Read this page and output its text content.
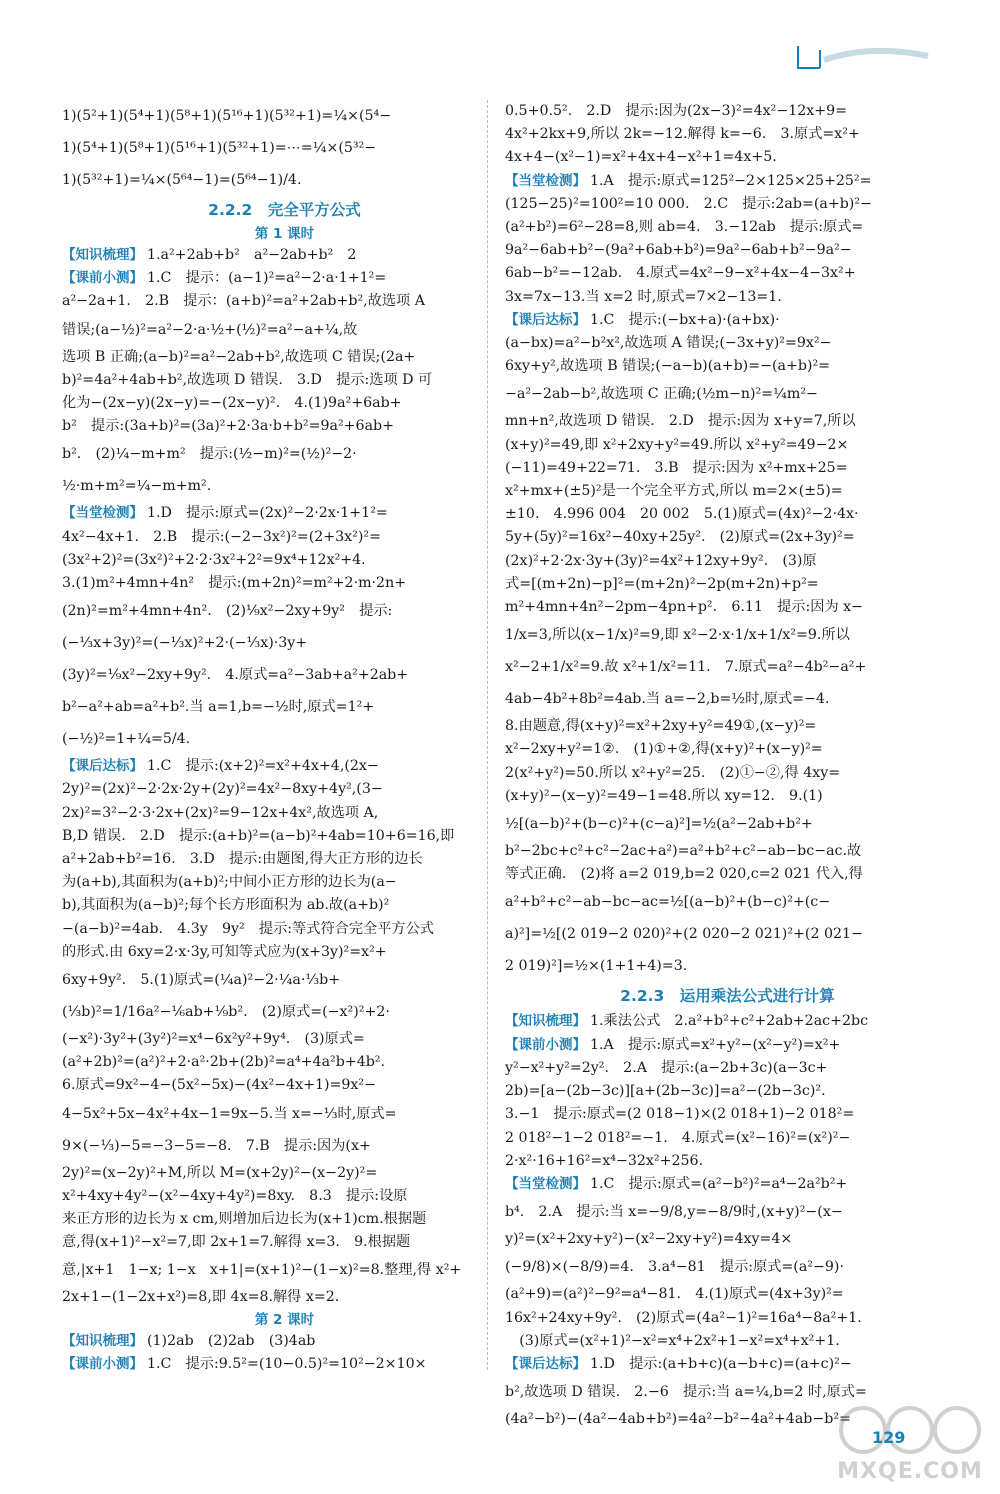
1)(5²+1)(5⁴+1)(5⁸+1)(5¹⁶+1)(5³²+1)=¼×(5⁴−
1)(5⁴+1)(5⁸+1)(5¹⁶+1)(5³²+1)=⋯=¼×(5³²−
1)(5³²+1)=¼×(5⁶⁴−1)=(5⁶⁴−1)/4.
2.2.2　完全平方公式
第 1 课时
【知识梳理】 1.a²+2ab+b²　a²−2ab+b²　2
【课前小测】 1.C　提示：(a−1)²=a²−2·a·1+1²=
a²−2a+1.　2.B　提示：(a+b)²=a²+2ab+b²,故选项 A
错误;(a−½)²=a²−2·a·½+(½)²=a²−a+¼,故
选项 B 正确;(a−b)²=a²−2ab+b²,故选项 C 错误;(2a+
b)²=4a²+4ab+b²,故选项 D 错误.　3.D　提示:选项 D 可
化为−(2x−y)(2x−y)=−(2x−y)².　4.(1)9a²+6ab+
b²　提示:(3a+b)²=(3a)²+2·3a·b+b²=9a²+6ab+
b².　(2)¼−m+m²　提示:(½−m)²=(½)²−2·
½·m+m²=¼−m+m².
【当堂检测】 1.D　提示:原式=(2x)²−2·2x·1+1²=
4x²−4x+1.　2.B　提示:(−2−3x²)²=(2+3x²)²=
(3x²+2)²=(3x²)²+2·2·3x²+2²=9x⁴+12x²+4.
3.(1)m²+4mn+4n²　提示:(m+2n)²=m²+2·m·2n+
(2n)²=m²+4mn+4n².　(2)⅑x²−2xy+9y²　提示:
(−⅓x+3y)²=(−⅓x)²+2·(−⅓x)·3y+
(3y)²=⅑x²−2xy+9y².　4.原式=a²−3ab+a²+2ab+
b²−a²+ab=a²+b².当 a=1,b=−½时,原式=1²+
(−½)²=1+¼=5/4.
【课后达标】 1.C　提示:(x+2)²=x²+4x+4,(2x−
2y)²=(2x)²−2·2x·2y+(2y)²=4x²−8xy+4y²,(3−
2x)²=3²−2·3·2x+(2x)²=9−12x+4x²,故选项 A,
B,D 错误.　2.D　提示:(a+b)²=(a−b)²+4ab=10+6=16,即
a²+2ab+b²=16.　3.D　提示:由题图,得大正方形的边长
为(a+b),其面积为(a+b)²;中间小正方形的边长为(a−
b),其面积为(a−b)²;每个长方形面积为 ab.故(a+b)²
−(a−b)²=4ab.　4.3y　9y²　提示:等式符合完全平方公式
的形式.由 6xy=2·x·3y,可知等式应为(x+3y)²=x²+
6xy+9y².　5.(1)原式=(¼a)²−2·¼a·⅓b+
(⅓b)²=1/16a²−⅙ab+⅑b².　(2)原式=(−x²)²+2·
(−x²)·3y²+(3y²)²=x⁴−6x²y²+9y⁴.　(3)原式=
(a²+2b)²=(a²)²+2·a²·2b+(2b)²=a⁴+4a²b+4b².
6.原式=9x²−4−(5x²−5x)−(4x²−4x+1)=9x²−
4−5x²+5x−4x²+4x−1=9x−5.当 x=−⅓时,原式=
9×(−⅓)−5=−3−5=−8.　7.B　提示:因为(x+
2y)²=(x−2y)²+M,所以 M=(x+2y)²−(x−2y)²=
x²+4xy+4y²−(x²−4xy+4y²)=8xy.　8.3　提示:设原
来正方形的边长为 x cm,则增加后边长为(x+1)cm.根据题
意,得(x+1)²−x²=7,即 2x+1=7.解得 x=3.　9.根据题
意,|x+1　1−x; 1−x　x+1|=(x+1)²−(1−x)²=8.整理,得 x²+
2x+1−(1−2x+x²)=8,即 4x=8.解得 x=2.
第 2 课时
【知识梳理】 (1)2ab　(2)2ab　(3)4ab
【课前小测】 1.C　提示:9.5²=(10−0.5)²=10²−2×10×
0.5+0.5².　2.D　提示:因为(2x−3)²=4x²−12x+9=
4x²+2kx+9,所以 2k=−12.解得 k=−6.　3.原式=x²+
4x+4−(x²−1)=x²+4x+4−x²+1=4x+5.
【当堂检测】 1.A　提示:原式=125²−2×125×25+25²=
(125−25)²=100²=10 000.　2.C　提示:2ab=(a+b)²−
(a²+b²)=6²−28=8,则 ab=4.　3.−12ab　提示:原式=
9a²−6ab+b²−(9a²+6ab+b²)=9a²−6ab+b²−9a²−
6ab−b²=−12ab.　4.原式=4x²−9−x²+4x−4−3x²+
3x=7x−13.当 x=2 时,原式=7×2−13=1.
【课后达标】 1.C　提示:(−bx+a)·(a+bx)·
(a−bx)=a²−b²x²,故选项 A 错误;(−3x+y)²=9x²−
6xy+y²,故选项 B 错误;(−a−b)(a+b)=−(a+b)²=
−a²−2ab−b²,故选项 C 正确;(½m−n)²=¼m²−
mn+n²,故选项 D 错误.　2.D　提示:因为 x+y=7,所以
(x+y)²=49,即 x²+2xy+y²=49.所以 x²+y²=49−2×
(−11)=49+22=71.　3.B　提示:因为 x²+mx+25=
x²+mx+(±5)²是一个完全平方式,所以 m=2×(±5)=
±10.　4.996 004　20 002　5.(1)原式=(4x)²−2·4x·
5y+(5y)²=16x²−40xy+25y².　(2)原式=(2x+3y)²=
(2x)²+2·2x·3y+(3y)²=4x²+12xy+9y².　(3)原
式=[(m+2n)−p]²=(m+2n)²−2p(m+2n)+p²=
m²+4mn+4n²−2pm−4pn+p².　6.11　提示:因为 x−
1/x=3,所以(x−1/x)²=9,即 x²−2·x·1/x+1/x²=9.所以
x²−2+1/x²=9.故 x²+1/x²=11.　7.原式=a²−4b²−a²+
4ab−4b²+8b²=4ab.当 a=−2,b=½时,原式=−4.
8.由题意,得(x+y)²=x²+2xy+y²=49①,(x−y)²=
x²−2xy+y²=1②.　(1)①+②,得(x+y)²+(x−y)²=
2(x²+y²)=50.所以 x²+y²=25.　(2)①−②,得 4xy=
(x+y)²−(x−y)²=49−1=48.所以 xy=12.　9.(1)
½[(a−b)²+(b−c)²+(c−a)²]=½(a²−2ab+b²+
b²−2bc+c²+c²−2ac+a²)=a²+b²+c²−ab−bc−ac.故
等式正确.　(2)将 a=2 019,b=2 020,c=2 021 代入,得
a²+b²+c²−ab−bc−ac=½[(a−b)²+(b−c)²+(c−
a)²]=½[(2 019−2 020)²+(2 020−2 021)²+(2 021−
2 019)²]=½×(1+1+4)=3.
2.2.3　运用乘法公式进行计算
【知识梳理】 1.乘法公式　2.a²+b²+c²+2ab+2ac+2bc
【课前小测】 1.A　提示:原式=x²+y²−(x²−y²)=x²+
y²−x²+y²=2y².　2.A　提示:(a−2b+3c)(a−3c+
2b)=[a−(2b−3c)][a+(2b−3c)]=a²−(2b−3c)².
3.−1　提示:原式=(2 018−1)×(2 018+1)−2 018²=
2 018²−1−2 018²=−1.　4.原式=(x²−16)²=(x²)²−
2·x²·16+16²=x⁴−32x²+256.
【当堂检测】 1.C　提示:原式=(a²−b²)²=a⁴−2a²b²+
b⁴.　2.A　提示:当 x=−9/8,y=−8/9时,(x+y)²−(x−
y)²=(x²+2xy+y²)−(x²−2xy+y²)=4xy=4×
(−9/8)×(−8/9)=4.　3.a⁴−81　提示:原式=(a²−9)·
(a²+9)=(a²)²−9²=a⁴−81.　4.(1)原式=(4x+3y)²=
16x²+24xy+9y².　(2)原式=(4a²−1)²=16a⁴−8a²+1.
　(3)原式=(x²+1)²−x²=x⁴+2x²+1−x²=x⁴+x²+1.
【课后达标】 1.D　提示:(a+b+c)(a−b+c)=(a+c)²−
b²,故选项 D 错误.　2.−6　提示:当 a=¼,b=2 时,原式=
(4a²−b²)−(4a²−4ab+b²)=4a²−b²−4a²+4ab−b²=
MXQE.COM
129
